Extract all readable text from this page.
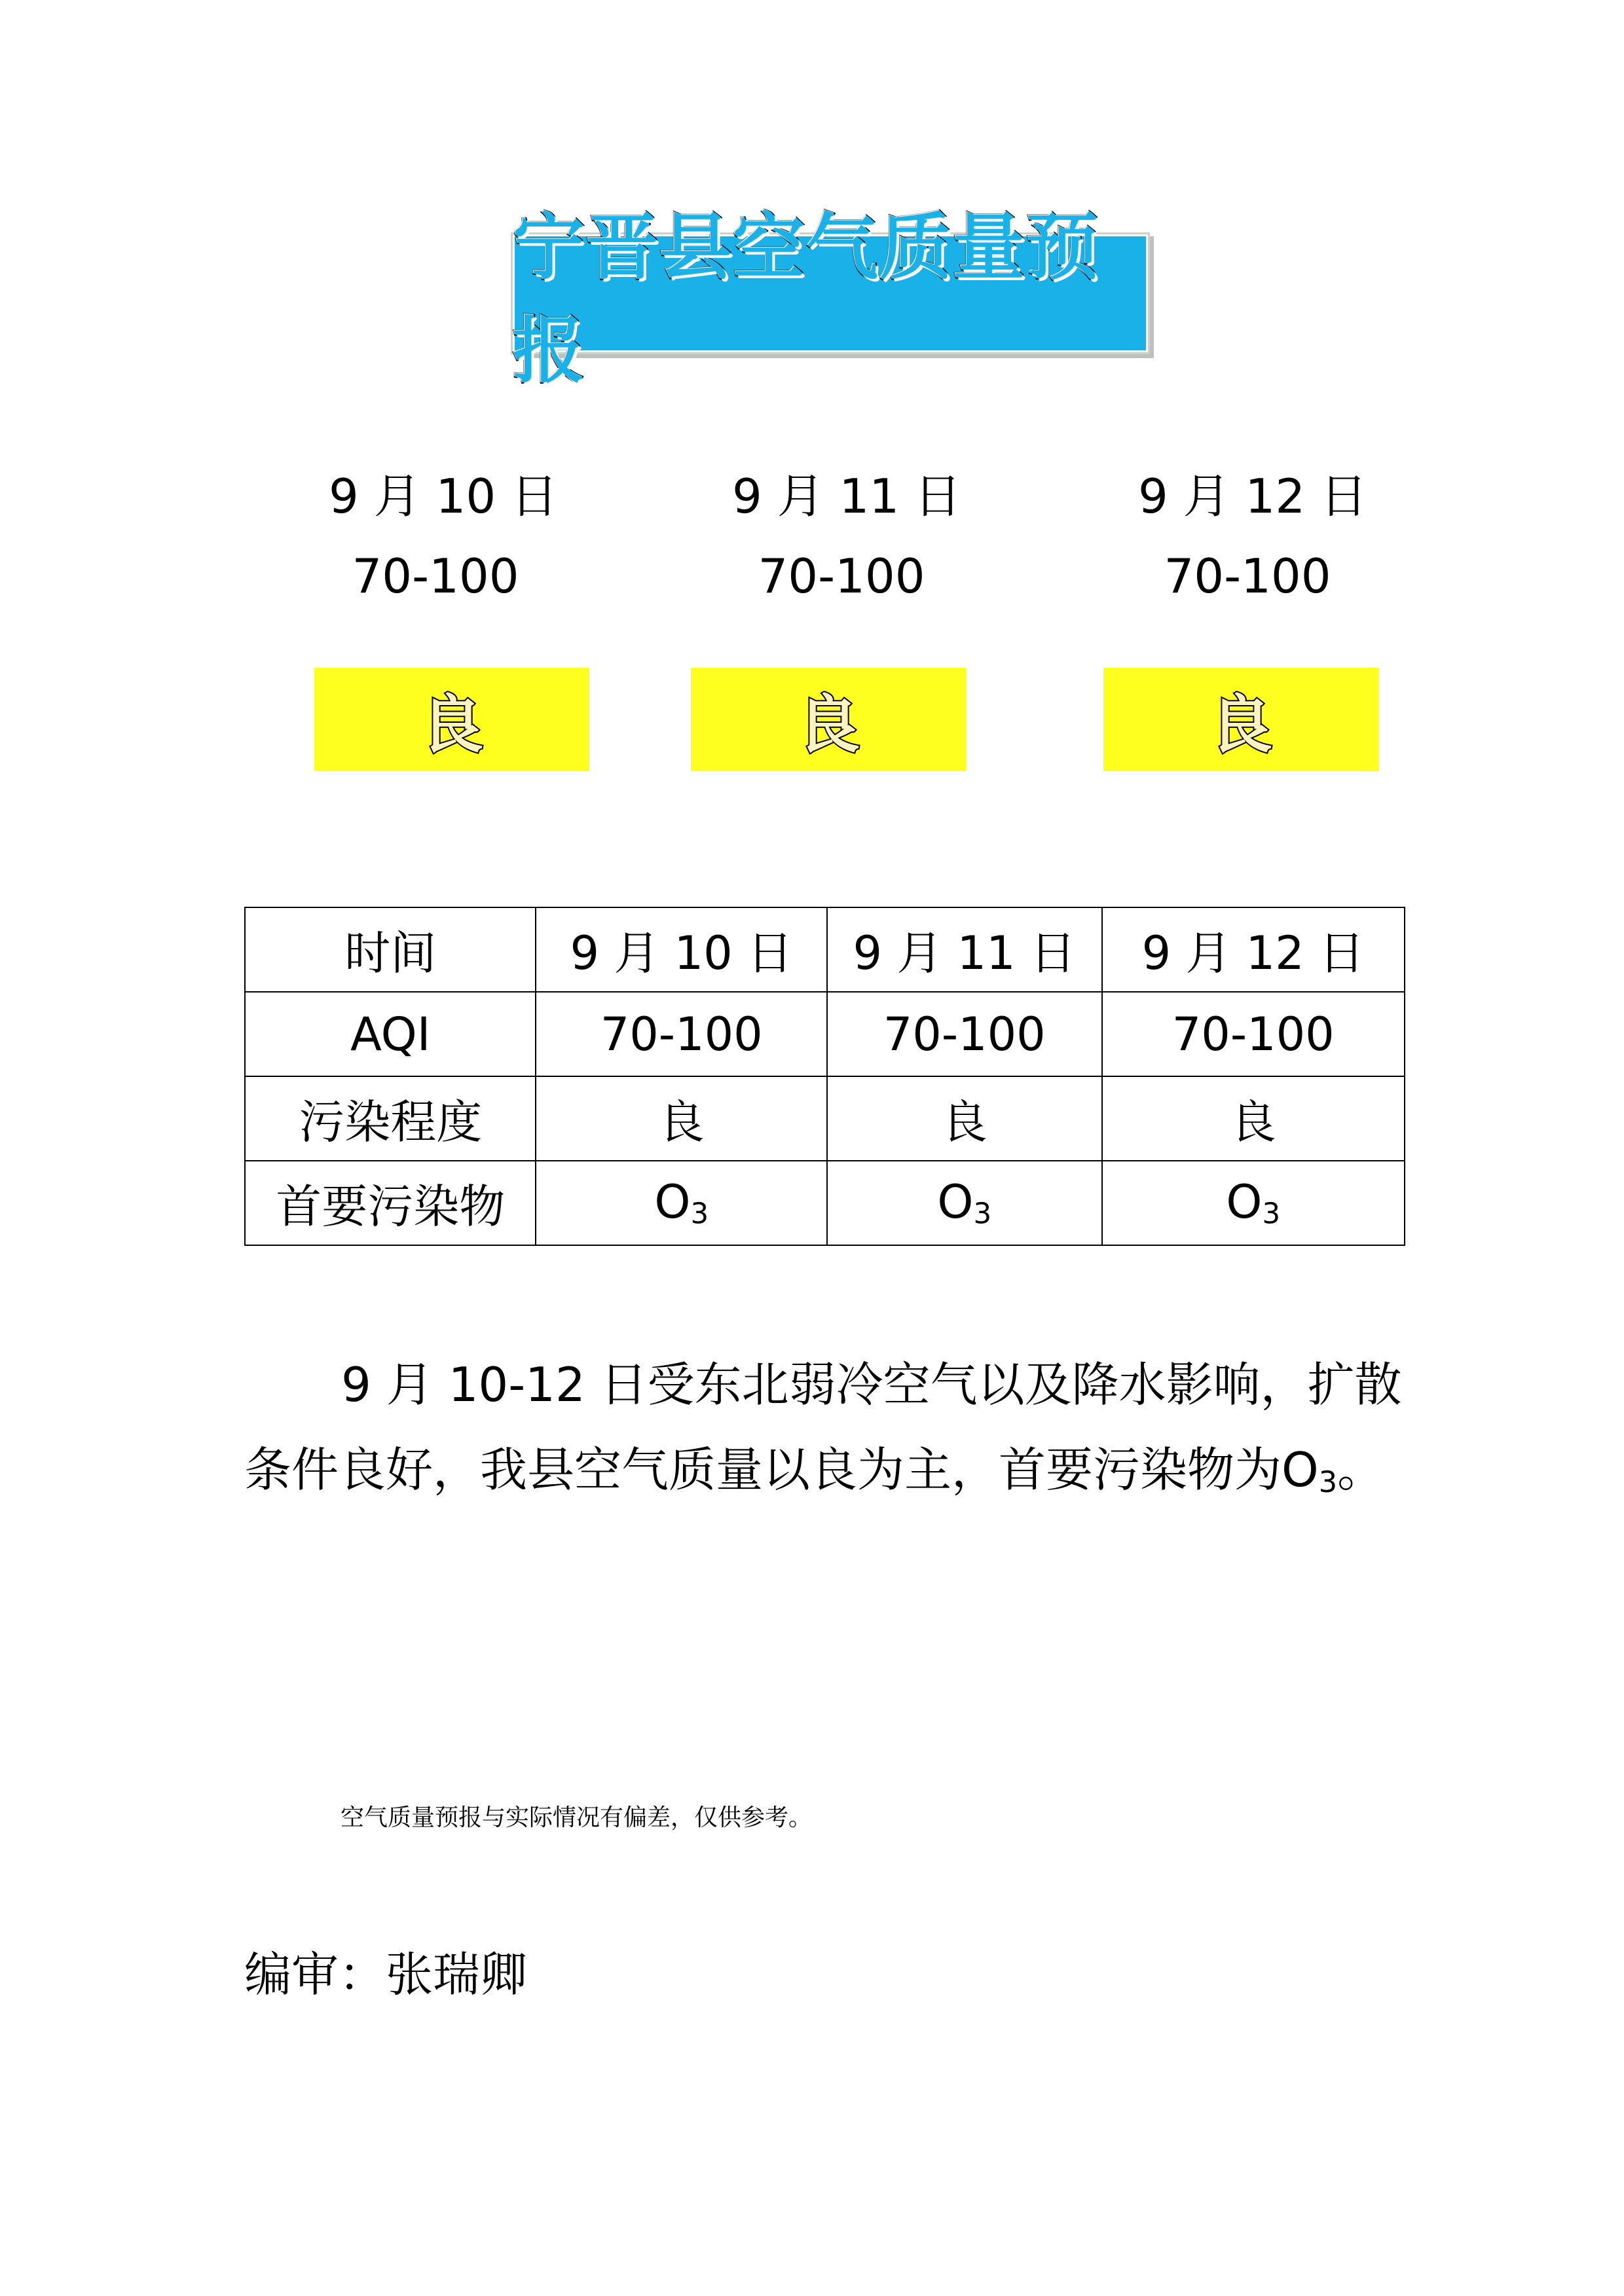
宁晋县空气质量预报
9 月 10 日
70-100
良
9 月 11 日
70-100
良
9 月 12 日
70-100
良
时间	9 月 10 日	9 月 11 日	9 月 12 日
AQI	70-100	70-100	70-100
污染程度	良	良	良
首要污染物	$O_3$	$O_3$	$O_3$
9 月 10-12 日受东北弱冷空气以及降水影响，扩散条件良好，我县空气质量以良为主，首要污染物为$O_3$。
空气质量预报与实际情况有偏差，仅供参考。
编审：张瑞卿
